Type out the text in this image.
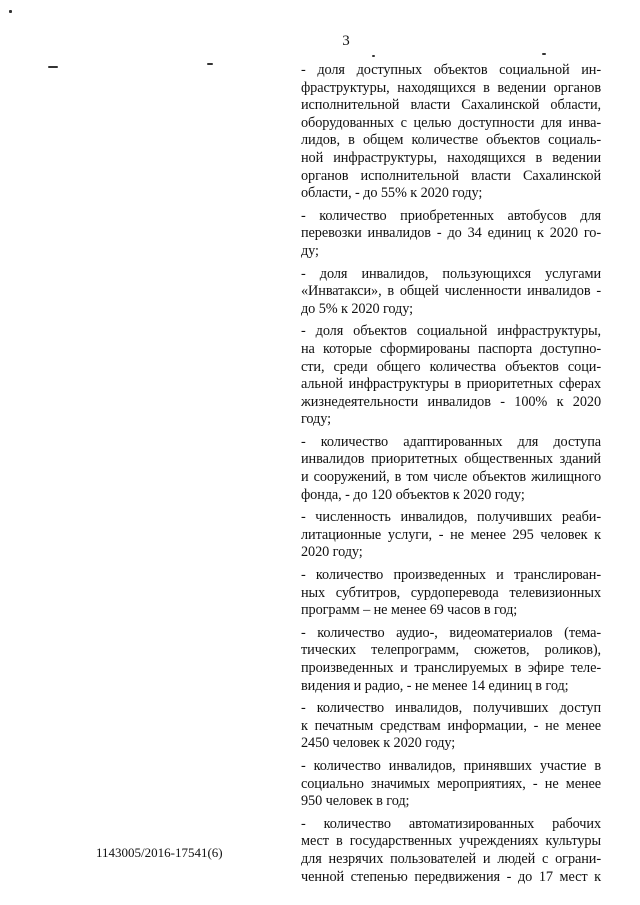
3

- доля доступных объектов социальной ин-
фраструктуры, находящихся в ведении органов
исполнительной власти Сахалинской области,
оборудованных с целью доступности для инва-
лидов, в общем количестве объектов социаль-
ной инфраструктуры, находящихся в ведении
органов исполнительной власти Сахалинской
области, - до 55% к 2020 году;

- количество приобретенных автобусов для
перевозки инвалидов - до 34 единиц к 2020 го-
ду;

- доля инвалидов, пользующихся услугами
«Инватакси», в общей численности инвалидов -
до 5% к 2020 году;

- доля объектов социальной инфраструктуры,
на которые сформированы паспорта доступно-
сти, среди общего количества объектов соци-
альной инфраструктуры в приоритетных сферах
жизнедеятельности инвалидов - 100% к 2020
году;

- количество адаптированных для доступа
инвалидов приоритетных общественных зданий
и сооружений, в том числе объектов жилищного
фонда, - до 120 объектов к 2020 году;

- численность инвалидов, получивших реаби-
литационные услуги, - не менее 295 человек к
2020 году;

- количество произведенных и транслирован-
ных субтитров, сурдоперевода телевизионных
программ – не менее 69 часов в год;

- количество аудио-, видеоматериалов (тема-
тических телепрограмм, сюжетов, роликов),
произведенных и транслируемых в эфире теле-
видения и радио, - не менее 14 единиц в год;

- количество инвалидов, получивших доступ
к печатным средствам информации, - не менее
2450 человек к 2020 году;

- количество инвалидов, принявших участие в
социально значимых мероприятиях, - не менее
950 человек в год;

- количество автоматизированных рабочих
мест в государственных учреждениях культуры
для незрячих пользователей и людей с ограни-
ченной степенью передвижения - до 17 мест к

1143005/2016-17541(6)
